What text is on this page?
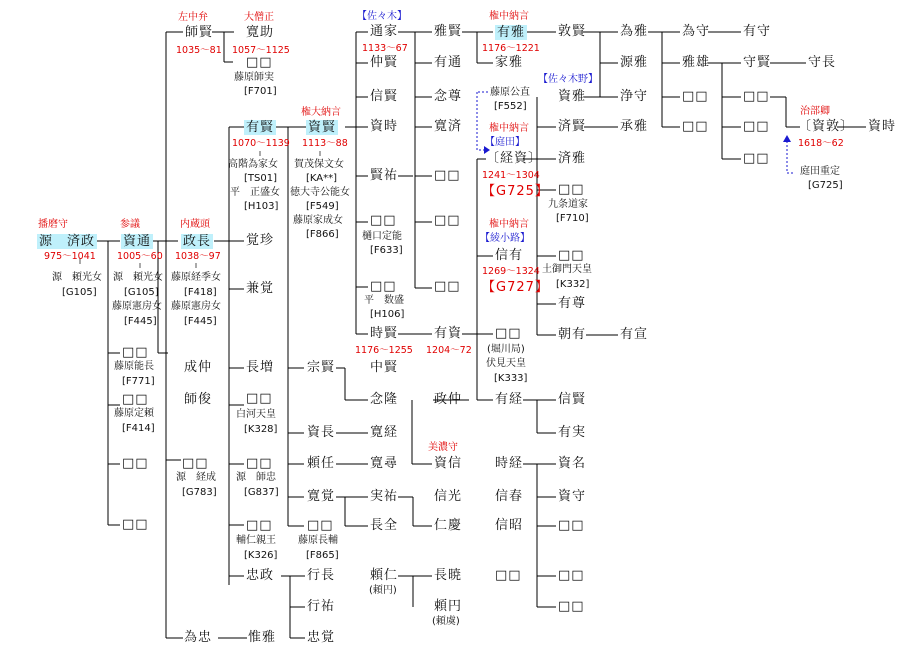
師賢
左中弁
1035～81
大僧正
寛助
1057～1125
□□
藤原師実
[F701]
権大納言
有賢	資賢
1070～1139 1113～88
高階為家女 賀茂保文女
[TS01]	[KA**]
平　正盛女 徳大寺公能女
[H103]	[F549]
藤原家成女
[F866]
播磨守
源　済政
975～1041
源　頼光女
[G105]
参議
資通
1005～60
源　頼光女
[G105]
藤原憲房女
[F445]
内蔵頭
政長
1038～97
藤原経季女
[F418]
藤原憲房女
[F445]
覚珍
兼覚
長増
□□
白河天皇
[K328]
□□
源　師忠
[G837]
□□
輔仁親王
[K326]
忠政
為忠	惟雅
□□
藤原能長
[F771]
□□
藤原定頼
[F414]
□□
□□
成仲
師俊
□□
源　経成
[G783]
宗賢
資長
頼任
寛覚
□□
藤原長輔
[F865]
行長
行祐
忠覚
【佐々木】
通家
1133～67
仲賢
信賢
資時
賢祐
□□
樋口定能
[F633]
□□
平　数盛
[H106]
時賢
1176～1255
中賢
念隆
寛経
寛尋
実祐
長全
頼仁
(頼円)
雅賢
有通
念尊
寛済
□□
□□
□□
有資
1204～72
政仲
美濃守
資信
信光
仁慶
長暁
頼円
(頼虞)
権中納言
有雅
1176～1221
家雅
藤原公直
[F552]
権中納言
【庭田】
〔経資〕
1241～1304
【G725】
権中納言
【綾小路】
信有
1269～1324
【G727】
□□
(堀川局)
伏見天皇
[K333]
有経
時経
信春
信昭
□□
敦賢
【佐々木野】
資雅
済賢
済雅
□□
九条道家
[F710]
□□
土御門天皇
[K332]
有尊
朝有
信賢
有実
資名
資守
□□
□□
□□
為雅
源雅
浄守
承雅
有宣
為守
雅雄
□□
□□
有守
守賢
□□
□□
□□
守長
治部卿
〔資敦〕
1618～62
庭田重定
[G725]
資時
